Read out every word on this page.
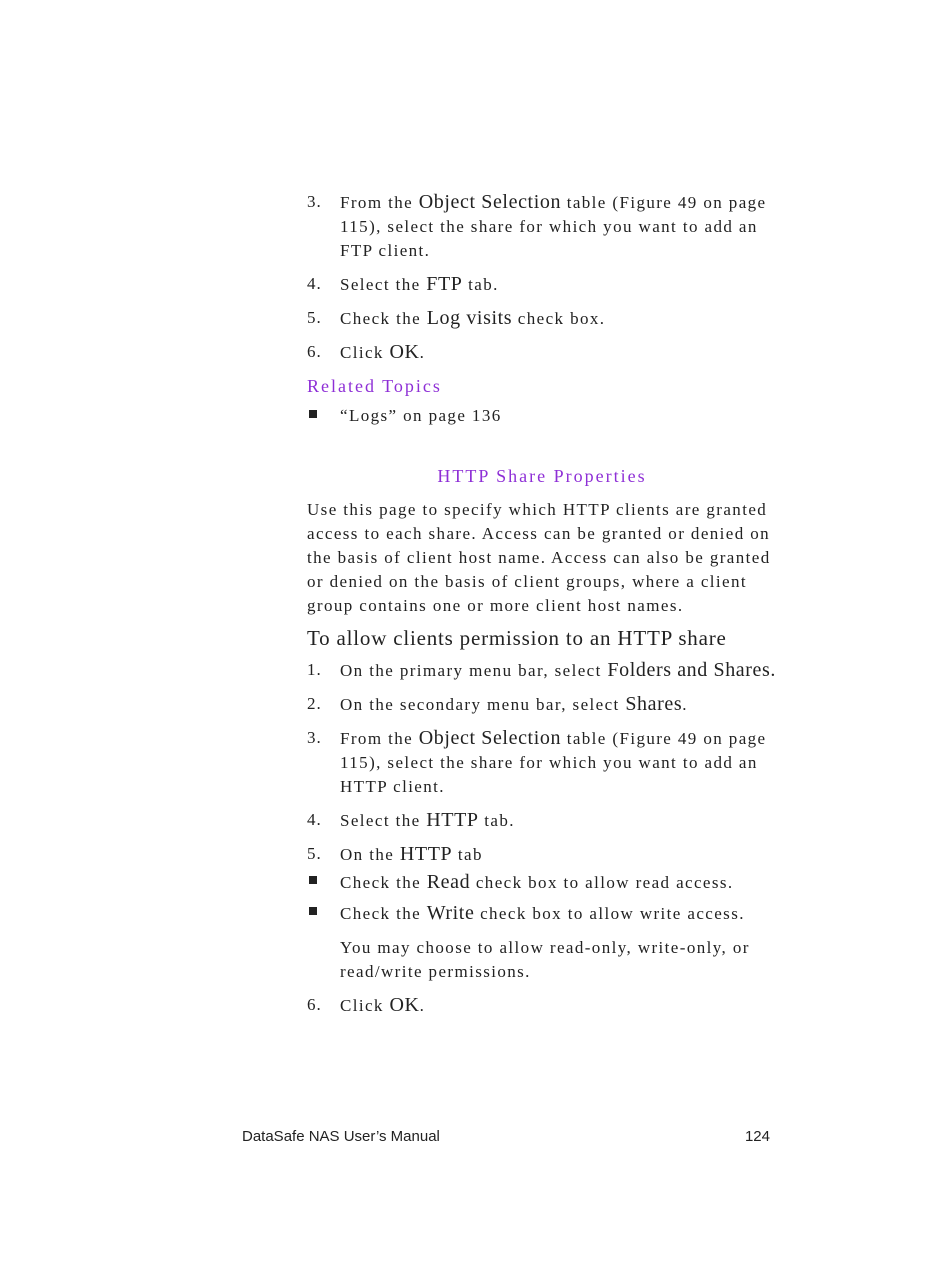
3.	From the Object Selection table (Figure 49 on page 115), select the share for which you want to add an FTP client.
4.	Select the FTP tab.
5.	Check the Log visits check box.
6.	Click OK.
Related Topics
“Logs” on page 136
HTTP Share Properties
Use this page to specify which HTTP clients are granted access to each share. Access can be granted or denied on the basis of client host name. Access can also be granted or denied on the basis of client groups, where a client group contains one or more client host names.
To allow clients permission to an HTTP share
1.	On the primary menu bar, select Folders and Shares.
2.	On the secondary menu bar, select Shares.
3.	From the Object Selection table (Figure 49 on page 115), select the share for which you want to add an HTTP client.
4.	Select the HTTP tab.
5.	On the HTTP tab
Check the Read check box to allow read access.
Check the Write check box to allow write access.
You may choose to allow read-only, write-only, or read/write permissions.
6.	Click OK.
DataSafe NAS User’s Manual	124
